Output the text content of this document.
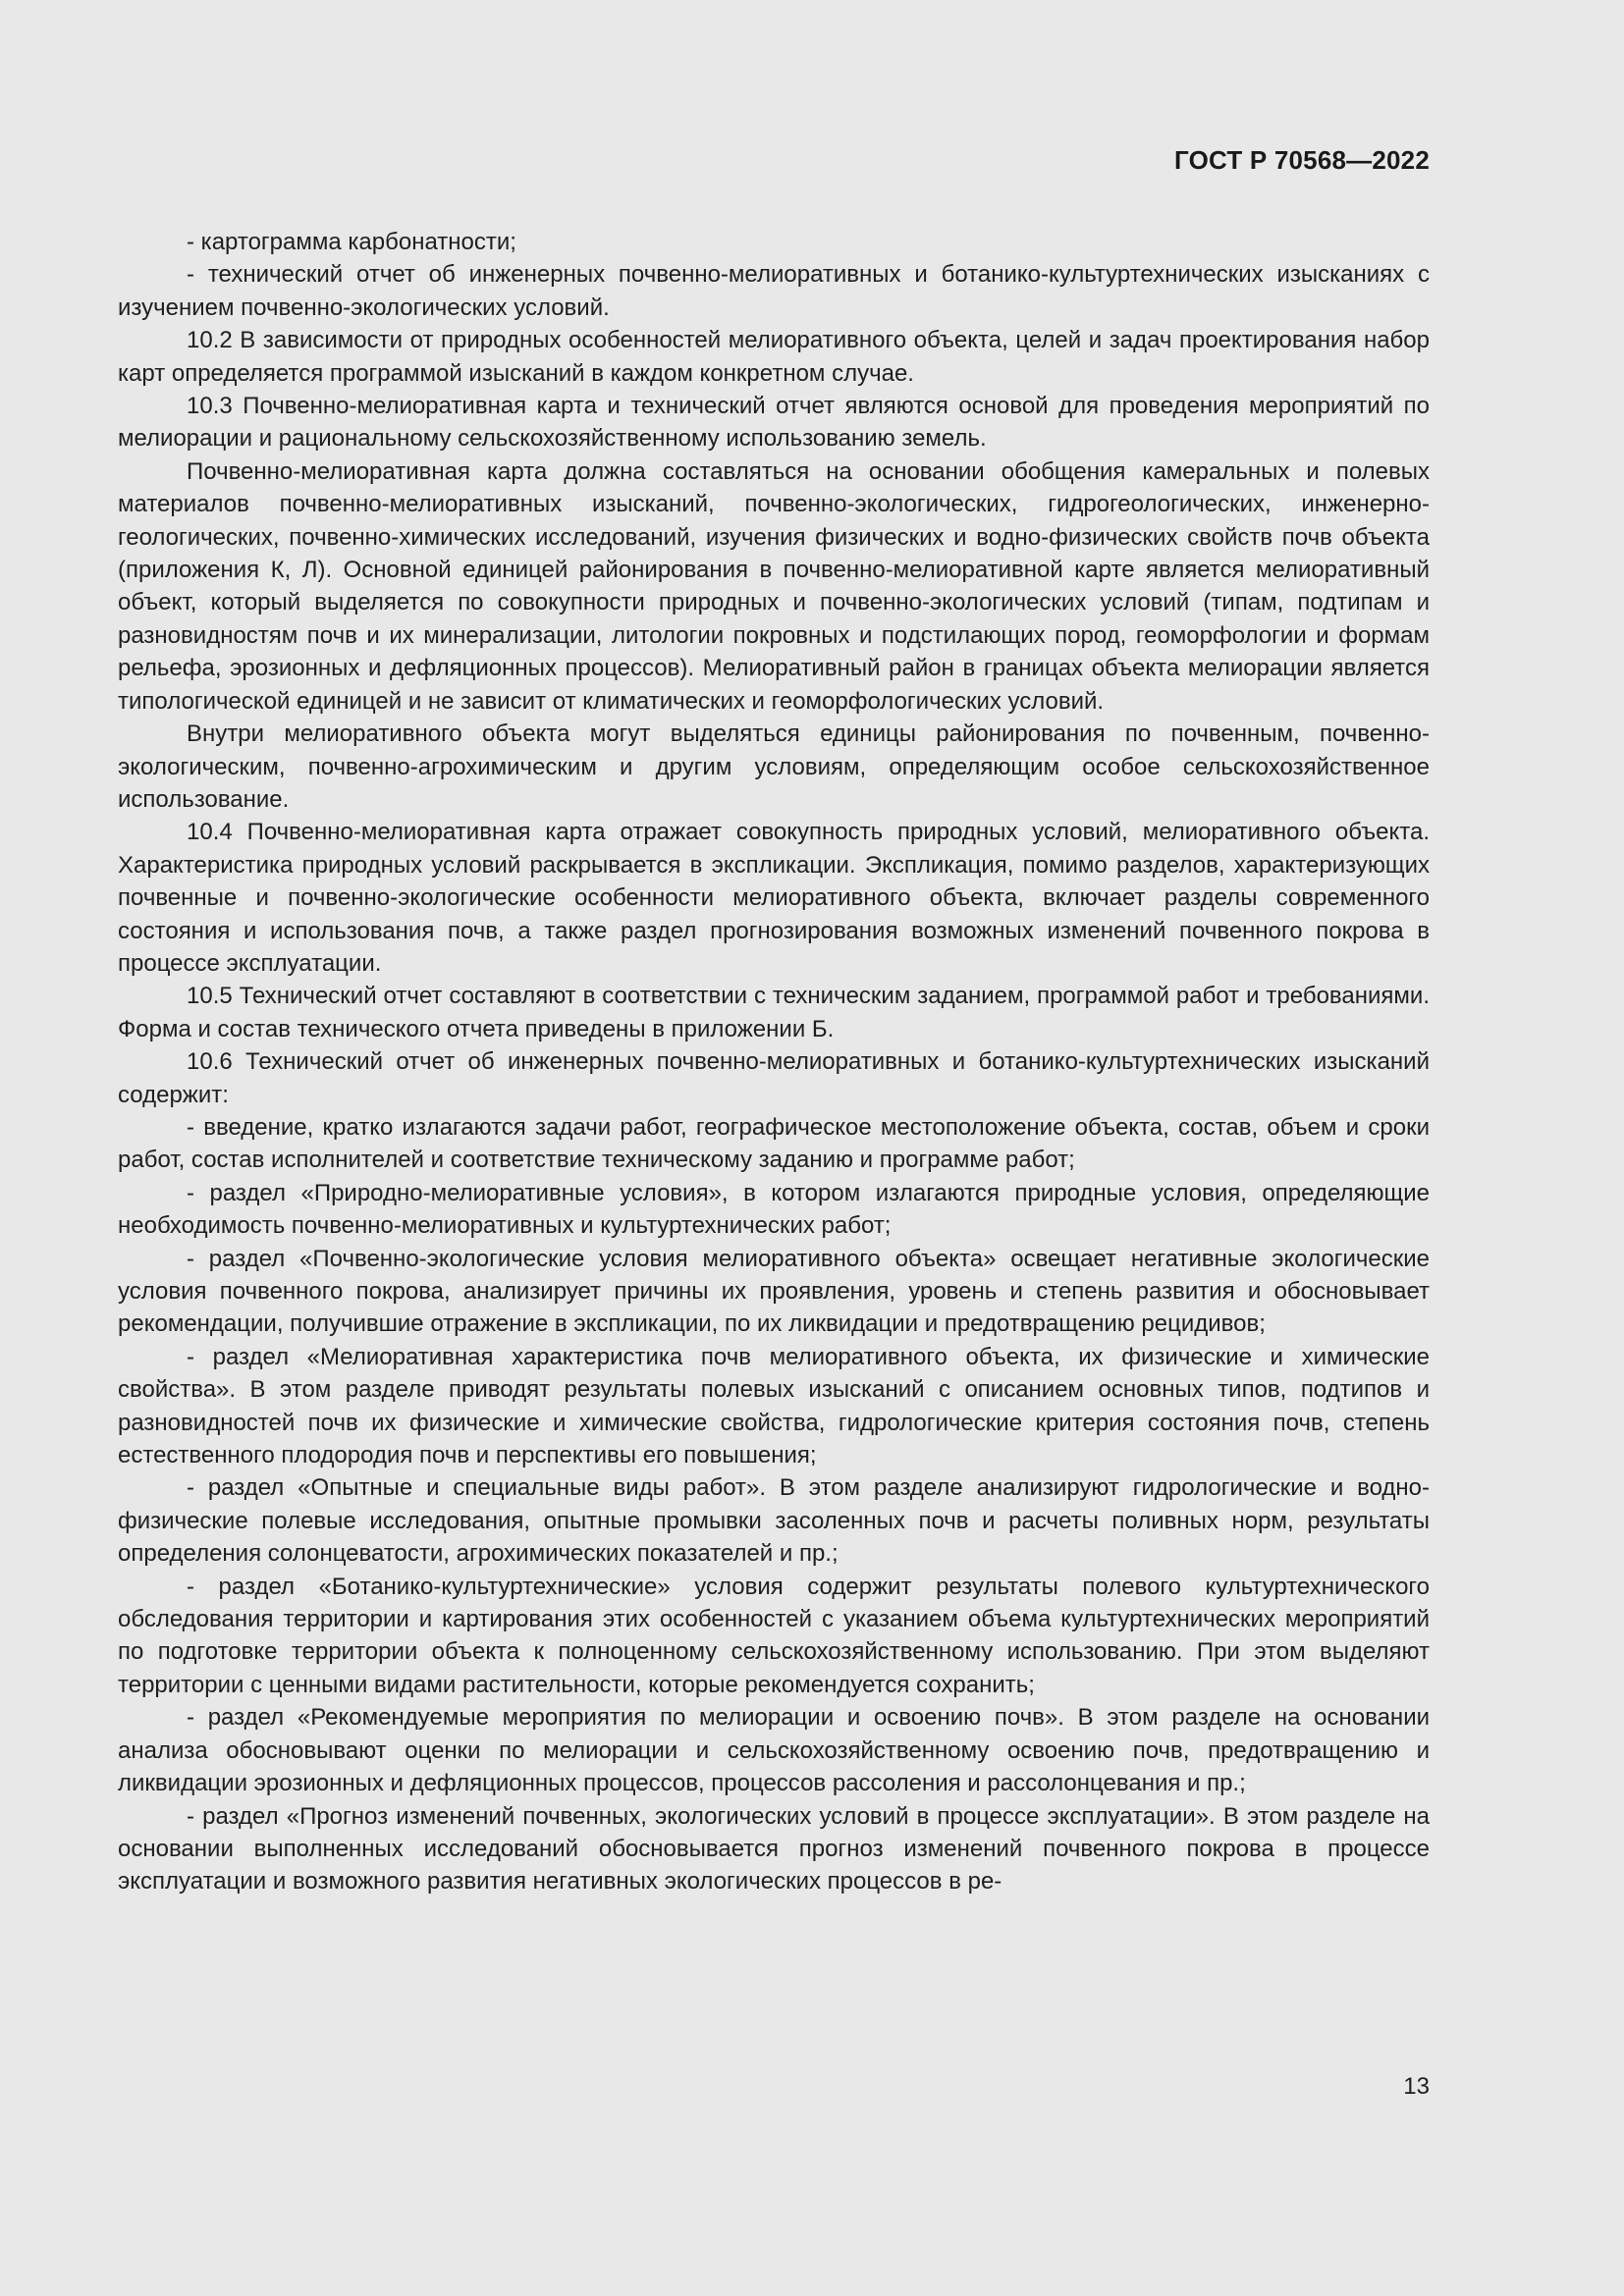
ГОСТ Р 70568—2022

- картограмма карбонатности;

- технический отчет об инженерных почвенно-мелиоративных и ботанико-культуртехнических изысканиях с изучением почвенно-экологических условий.

10.2 В зависимости от природных особенностей мелиоративного объекта, целей и задач проектирования набор карт определяется программой изысканий в каждом конкретном случае.

10.3 Почвенно-мелиоративная карта и технический отчет являются основой для проведения мероприятий по мелиорации и рациональному сельскохозяйственному использованию земель.

Почвенно-мелиоративная карта должна составляться на основании обобщения камеральных и полевых материалов почвенно-мелиоративных изысканий, почвенно-экологических, гидрогеологических, инженерно-геологических, почвенно-химических исследований, изучения физических и водно-физических свойств почв объекта (приложения К, Л). Основной единицей районирования в почвенно-мелиоративной карте является мелиоративный объект, который выделяется по совокупности природных и почвенно-экологических условий (типам, подтипам и разновидностям почв и их минерализации, литологии покровных и подстилающих пород, геоморфологии и формам рельефа, эрозионных и дефляционных процессов). Мелиоративный район в границах объекта мелиорации является типологической единицей и не зависит от климатических и геоморфологических условий.

Внутри мелиоративного объекта могут выделяться единицы районирования по почвенным, почвенно-экологическим, почвенно-агрохимическим и другим условиям, определяющим особое сельскохозяйственное использование.

10.4 Почвенно-мелиоративная карта отражает совокупность природных условий, мелиоративного объекта. Характеристика природных условий раскрывается в экспликации. Экспликация, помимо разделов, характеризующих почвенные и почвенно-экологические особенности мелиоративного объекта, включает разделы современного состояния и использования почв, а также раздел прогнозирования возможных изменений почвенного покрова в процессе эксплуатации.

10.5 Технический отчет составляют в соответствии с техническим заданием, программой работ и требованиями. Форма и состав технического отчета приведены в приложении Б.

10.6 Технический отчет об инженерных почвенно-мелиоративных и ботанико-культуртехнических изысканий содержит:

- введение, кратко излагаются задачи работ, географическое местоположение объекта, состав, объем и сроки работ, состав исполнителей и соответствие техническому заданию и программе работ;

- раздел «Природно-мелиоративные условия», в котором излагаются природные условия, определяющие необходимость почвенно-мелиоративных и культуртехнических работ;

- раздел «Почвенно-экологические условия мелиоративного объекта» освещает негативные экологические условия почвенного покрова, анализирует причины их проявления, уровень и степень развития и обосновывает рекомендации, получившие отражение в экспликации, по их ликвидации и предотвращению рецидивов;

- раздел «Мелиоративная характеристика почв мелиоративного объекта, их физические и химические свойства». В этом разделе приводят результаты полевых изысканий с описанием основных типов, подтипов и разновидностей почв их физические и химические свойства, гидрологические критерия состояния почв, степень естественного плодородия почв и перспективы его повышения;

- раздел «Опытные и специальные виды работ». В этом разделе анализируют гидрологические и водно-физические полевые исследования, опытные промывки засоленных почв и расчеты поливных норм, результаты определения солонцеватости, агрохимических показателей и пр.;

- раздел «Ботанико-культуртехнические» условия содержит результаты полевого культуртехнического обследования территории и картирования этих особенностей с указанием объема культуртехнических мероприятий по подготовке территории объекта к полноценному сельскохозяйственному использованию. При этом выделяют территории с ценными видами растительности, которые рекомендуется сохранить;

- раздел «Рекомендуемые мероприятия по мелиорации и освоению почв». В этом разделе на основании анализа обосновывают оценки по мелиорации и сельскохозяйственному освоению почв, предотвращению и ликвидации эрозионных и дефляционных процессов, процессов рассоления и рассолонцевания и пр.;

- раздел «Прогноз изменений почвенных, экологических условий в процессе эксплуатации». В этом разделе на основании выполненных исследований обосновывается прогноз изменений почвенного покрова в процессе эксплуатации и возможного развития негативных экологических процессов в ре-

13
